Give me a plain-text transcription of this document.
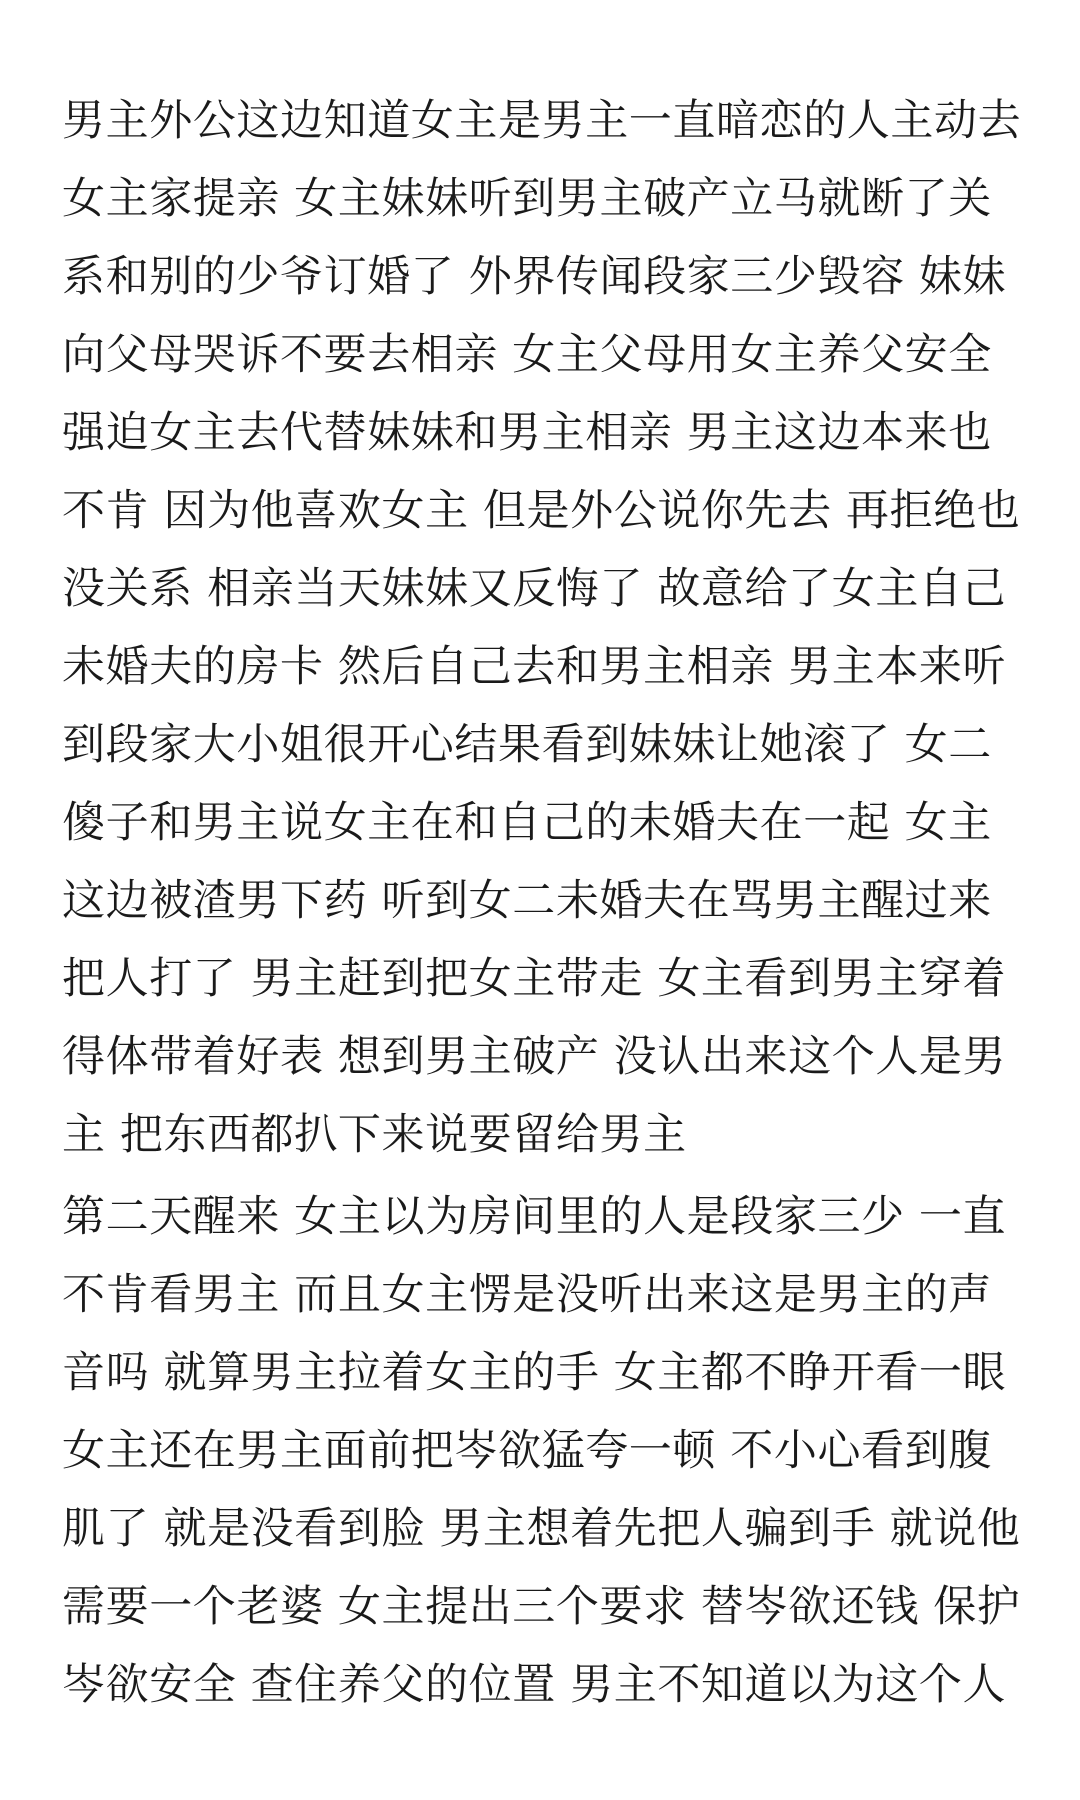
男主外公这边知道女主是男主一直暗恋的人主动去
女主家提亲 女主妹妹听到男主破产立马就断了关
系和别的少爷订婚了 外界传闻段家三少毁容 妹妹
向父母哭诉不要去相亲 女主父母用女主养父安全
强迫女主去代替妹妹和男主相亲 男主这边本来也
不肯 因为他喜欢女主 但是外公说你先去 再拒绝也
没关系 相亲当天妹妹又反悔了 故意给了女主自己
未婚夫的房卡 然后自己去和男主相亲 男主本来听
到段家大小姐很开心结果看到妹妹让她滚了 女二
傻子和男主说女主在和自己的未婚夫在一起 女主
这边被渣男下药 听到女二未婚夫在骂男主醒过来
把人打了 男主赶到把女主带走 女主看到男主穿着
得体带着好表 想到男主破产 没认出来这个人是男
主 把东西都扒下来说要留给男主
第二天醒来 女主以为房间里的人是段家三少 一直
不肯看男主 而且女主愣是没听出来这是男主的声
音吗 就算男主拉着女主的手 女主都不睁开看一眼
女主还在男主面前把岑欲猛夸一顿 不小心看到腹
肌了 就是没看到脸 男主想着先把人骗到手 就说他
需要一个老婆 女主提出三个要求 替岑欲还钱 保护
岑欲安全 查住养父的位置 男主不知道以为这个人
